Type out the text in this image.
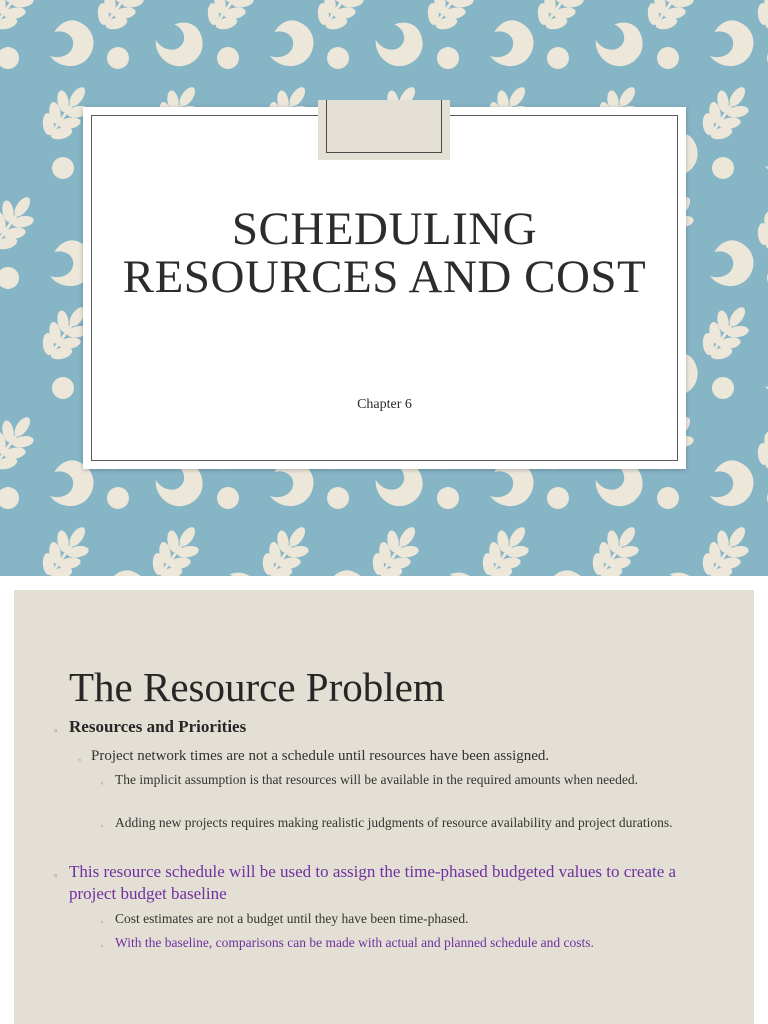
SCHEDULING
RESOURCES AND COST
Chapter 6
The Resource Problem
◦ Resources and Priorities
◦ Project network times are not a schedule until resources have been assigned.
◦ The implicit assumption is that resources will be available in the required amounts when needed.
◦ Adding new projects requires making realistic judgments of resource availability and project durations.
◦ This resource schedule will be used to assign the time-phased budgeted values to create a project budget baseline
◦ Cost estimates are not a budget until they have been time-phased.
◦ With the baseline, comparisons can be made with actual and planned schedule and costs.
